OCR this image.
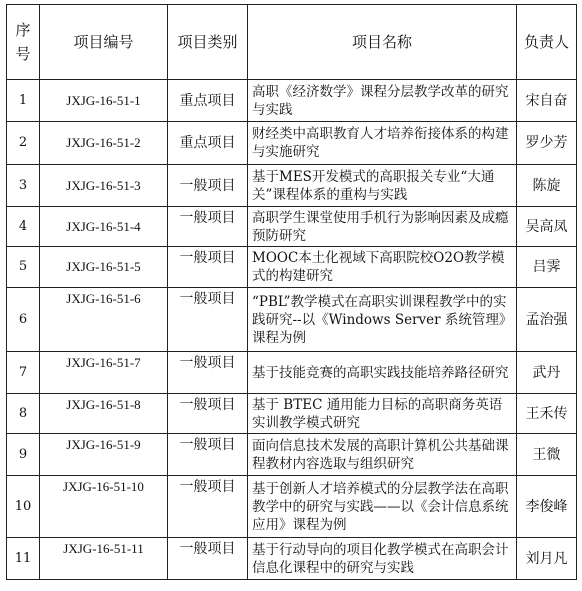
序
号	项目编号	项目类别	项目名称	负责人
1	JXJG-16-51-1	重点项目	高职《经济数学》课程分层教学改革的研究与实践	宋自奋
2	JXJG-16-51-2	重点项目	财经类中高职教育人才培养衔接体系的构建与实施研究	罗少芳
3	JXJG-16-51-3	一般项目	基于MES开发模式的高职报关专业“大通关”课程体系的重构与实践	陈旋
4	JXJG-16-51-4	一般项目	高职学生课堂使用手机行为影响因素及成瘾预防研究	吴高凤
5	JXJG-16-51-5	一般项目	MOOC本土化视域下高职院校O2O教学模式的构建研究	吕霁
6	JXJG-16-51-6	一般项目	“PBL”教学模式在高职实训课程教学中的实践研究--以《Windows Server 系统管理》课程为例	孟治强
7	JXJG-16-51-7	一般项目	基于技能竞赛的高职实践技能培养路径研究	武丹
8	JXJG-16-51-8	一般项目	基于 BTEC 通用能力目标的高职商务英语实训教学模式研究	王禾传
9	JXJG-16-51-9	一般项目	面向信息技术发展的高职计算机公共基础课程教材内容选取与组织研究	王微
10	JXJG-16-51-10	一般项目	基于创新人才培养模式的分层教学法在高职教学中的研究与实践——以《会计信息系统应用》课程为例	李俊峰
11	JXJG-16-51-11	一般项目	基于行动导向的项目化教学模式在高职会计信息化课程中的研究与实践	刘月凡
